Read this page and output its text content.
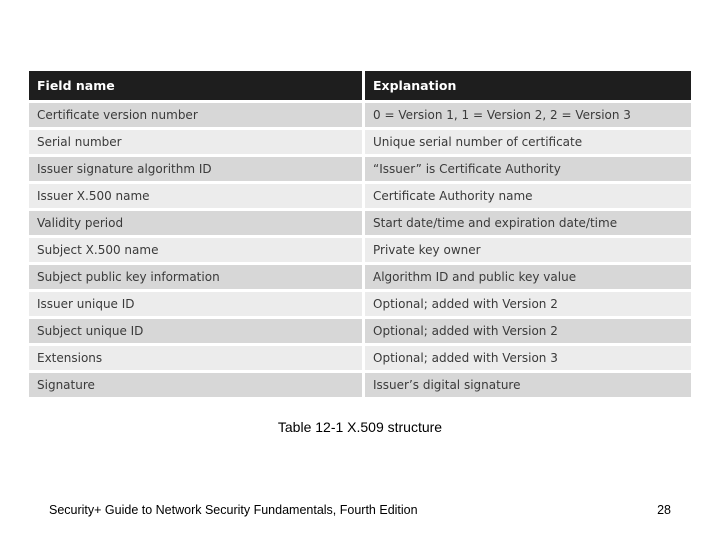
Field name	Explanation
Certificate version number	0 = Version 1, 1 = Version 2, 2 = Version 3
Serial number	Unique serial number of certificate
Issuer signature algorithm ID	“Issuer” is Certificate Authority
Issuer X.500 name	Certificate Authority name
Validity period	Start date/time and expiration date/time
Subject X.500 name	Private key owner
Subject public key information	Algorithm ID and public key value
Issuer unique ID	Optional; added with Version 2
Subject unique ID	Optional; added with Version 2
Extensions	Optional; added with Version 3
Signature	Issuer’s digital signature

Table 12-1 X.509 structure

Security+ Guide to Network Security Fundamentals, Fourth Edition	28
